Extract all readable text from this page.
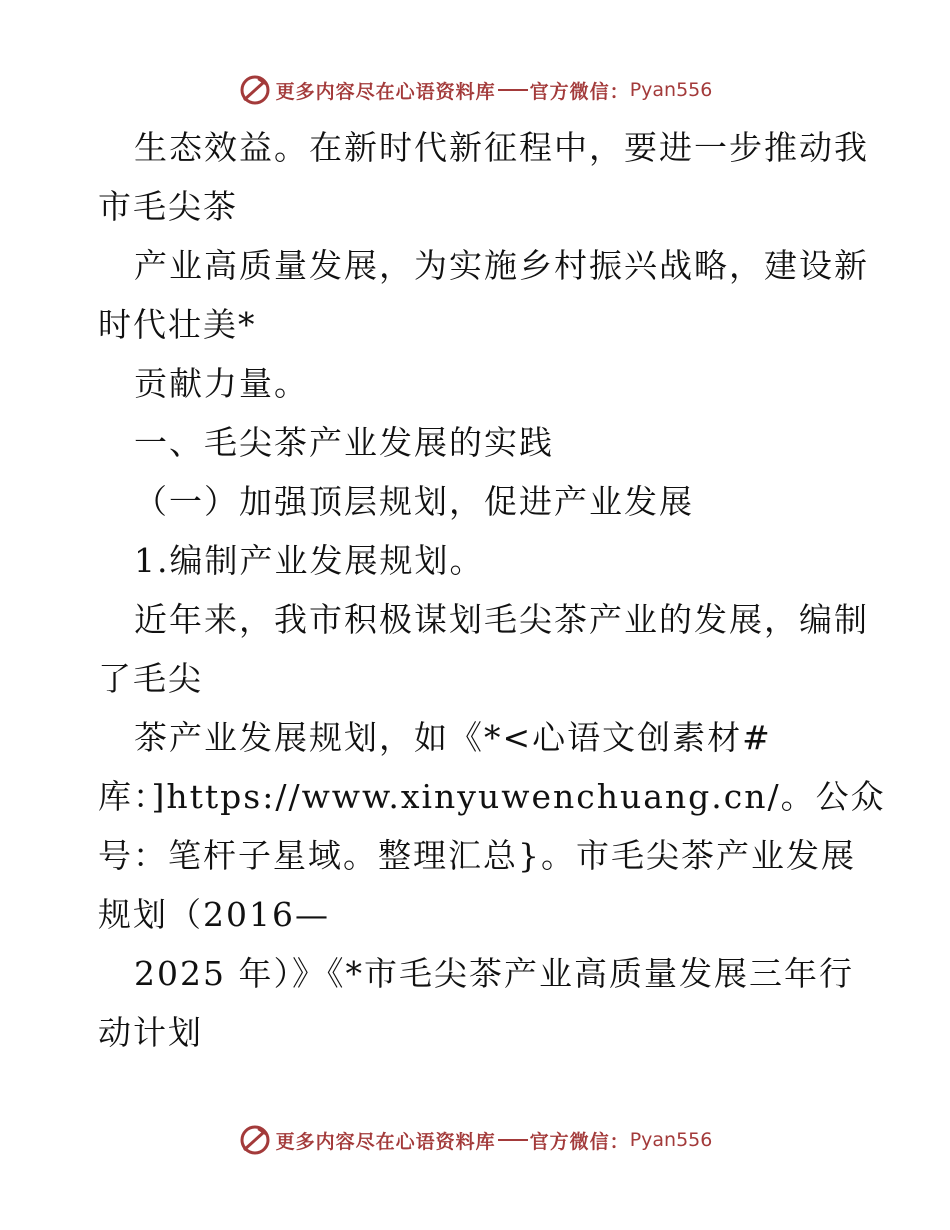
更多内容尽在心语资料库 官方微信： Pyan556
生态效益。在新时代新征程中，要进一步推动我
市毛尖茶
产业高质量发展，为实施乡村振兴战略，建设新
时代壮美*
贡献力量。
一、毛尖茶产业发展的实践
（一）加强顶层规划，促进产业发展
1.编制产业发展规划。
近年来，我市积极谋划毛尖茶产业的发展，编制
了毛尖
茶产业发展规划，如《*<心语文创素材#
库：]https://www.xinyuwenchuang.cn/。公众
号：笔杆子星域。整理汇总}。市毛尖茶产业发展
规划（2016—
2025 年）》《*市毛尖茶产业高质量发展三年行
动计划
更多内容尽在心语资料库 官方微信： Pyan556
